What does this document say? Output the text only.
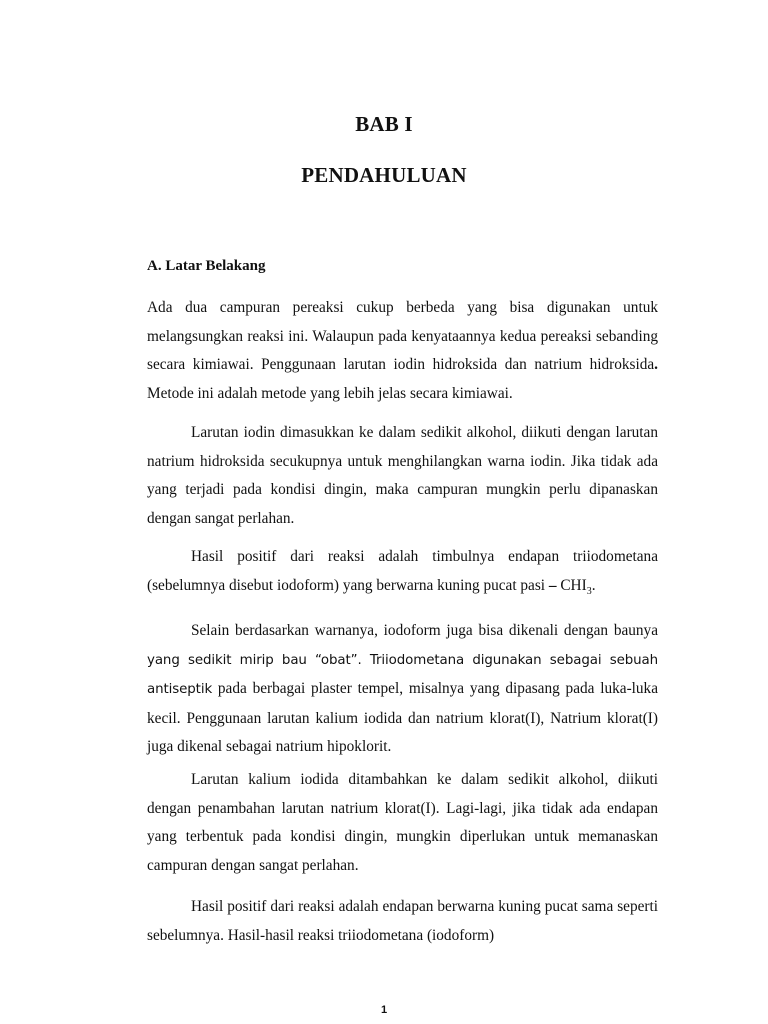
BAB I
PENDAHULUAN
A. Latar Belakang

Ada dua campuran pereaksi cukup berbeda yang bisa digunakan untuk melangsungkan reaksi ini. Walaupun pada kenyataannya kedua pereaksi sebanding secara kimiawai. Penggunaan larutan iodin hidroksida dan natrium hidroksida. Metode ini adalah metode yang lebih jelas secara kimiawai.

Larutan iodin dimasukkan ke dalam sedikit alkohol, diikuti dengan larutan natrium hidroksida secukupnya untuk menghilangkan warna iodin. Jika tidak ada yang terjadi pada kondisi dingin, maka campuran mungkin perlu dipanaskan dengan sangat perlahan.

Hasil positif dari reaksi adalah timbulnya endapan triiodometana (sebelumnya disebut iodoform) yang berwarna kuning pucat pasi – $CHI_3$.

Selain berdasarkan warnanya, iodoform juga bisa dikenali dengan baunya yang sedikit mirip bau “obat”. Triiodometana digunakan sebagai sebuah antiseptik pada berbagai plaster tempel, misalnya yang dipasang pada luka-luka kecil. Penggunaan larutan kalium iodida dan natrium klorat(I), Natrium klorat(I) juga dikenal sebagai natrium hipoklorit.

Larutan kalium iodida ditambahkan ke dalam sedikit alkohol, diikuti dengan penambahan larutan natrium klorat(I). Lagi-lagi, jika tidak ada endapan yang terbentuk pada kondisi dingin, mungkin diperlukan untuk memanaskan campuran dengan sangat perlahan.

Hasil positif dari reaksi adalah endapan berwarna kuning pucat sama seperti sebelumnya. Hasil-hasil reaksi triiodometana (iodoform)

1
